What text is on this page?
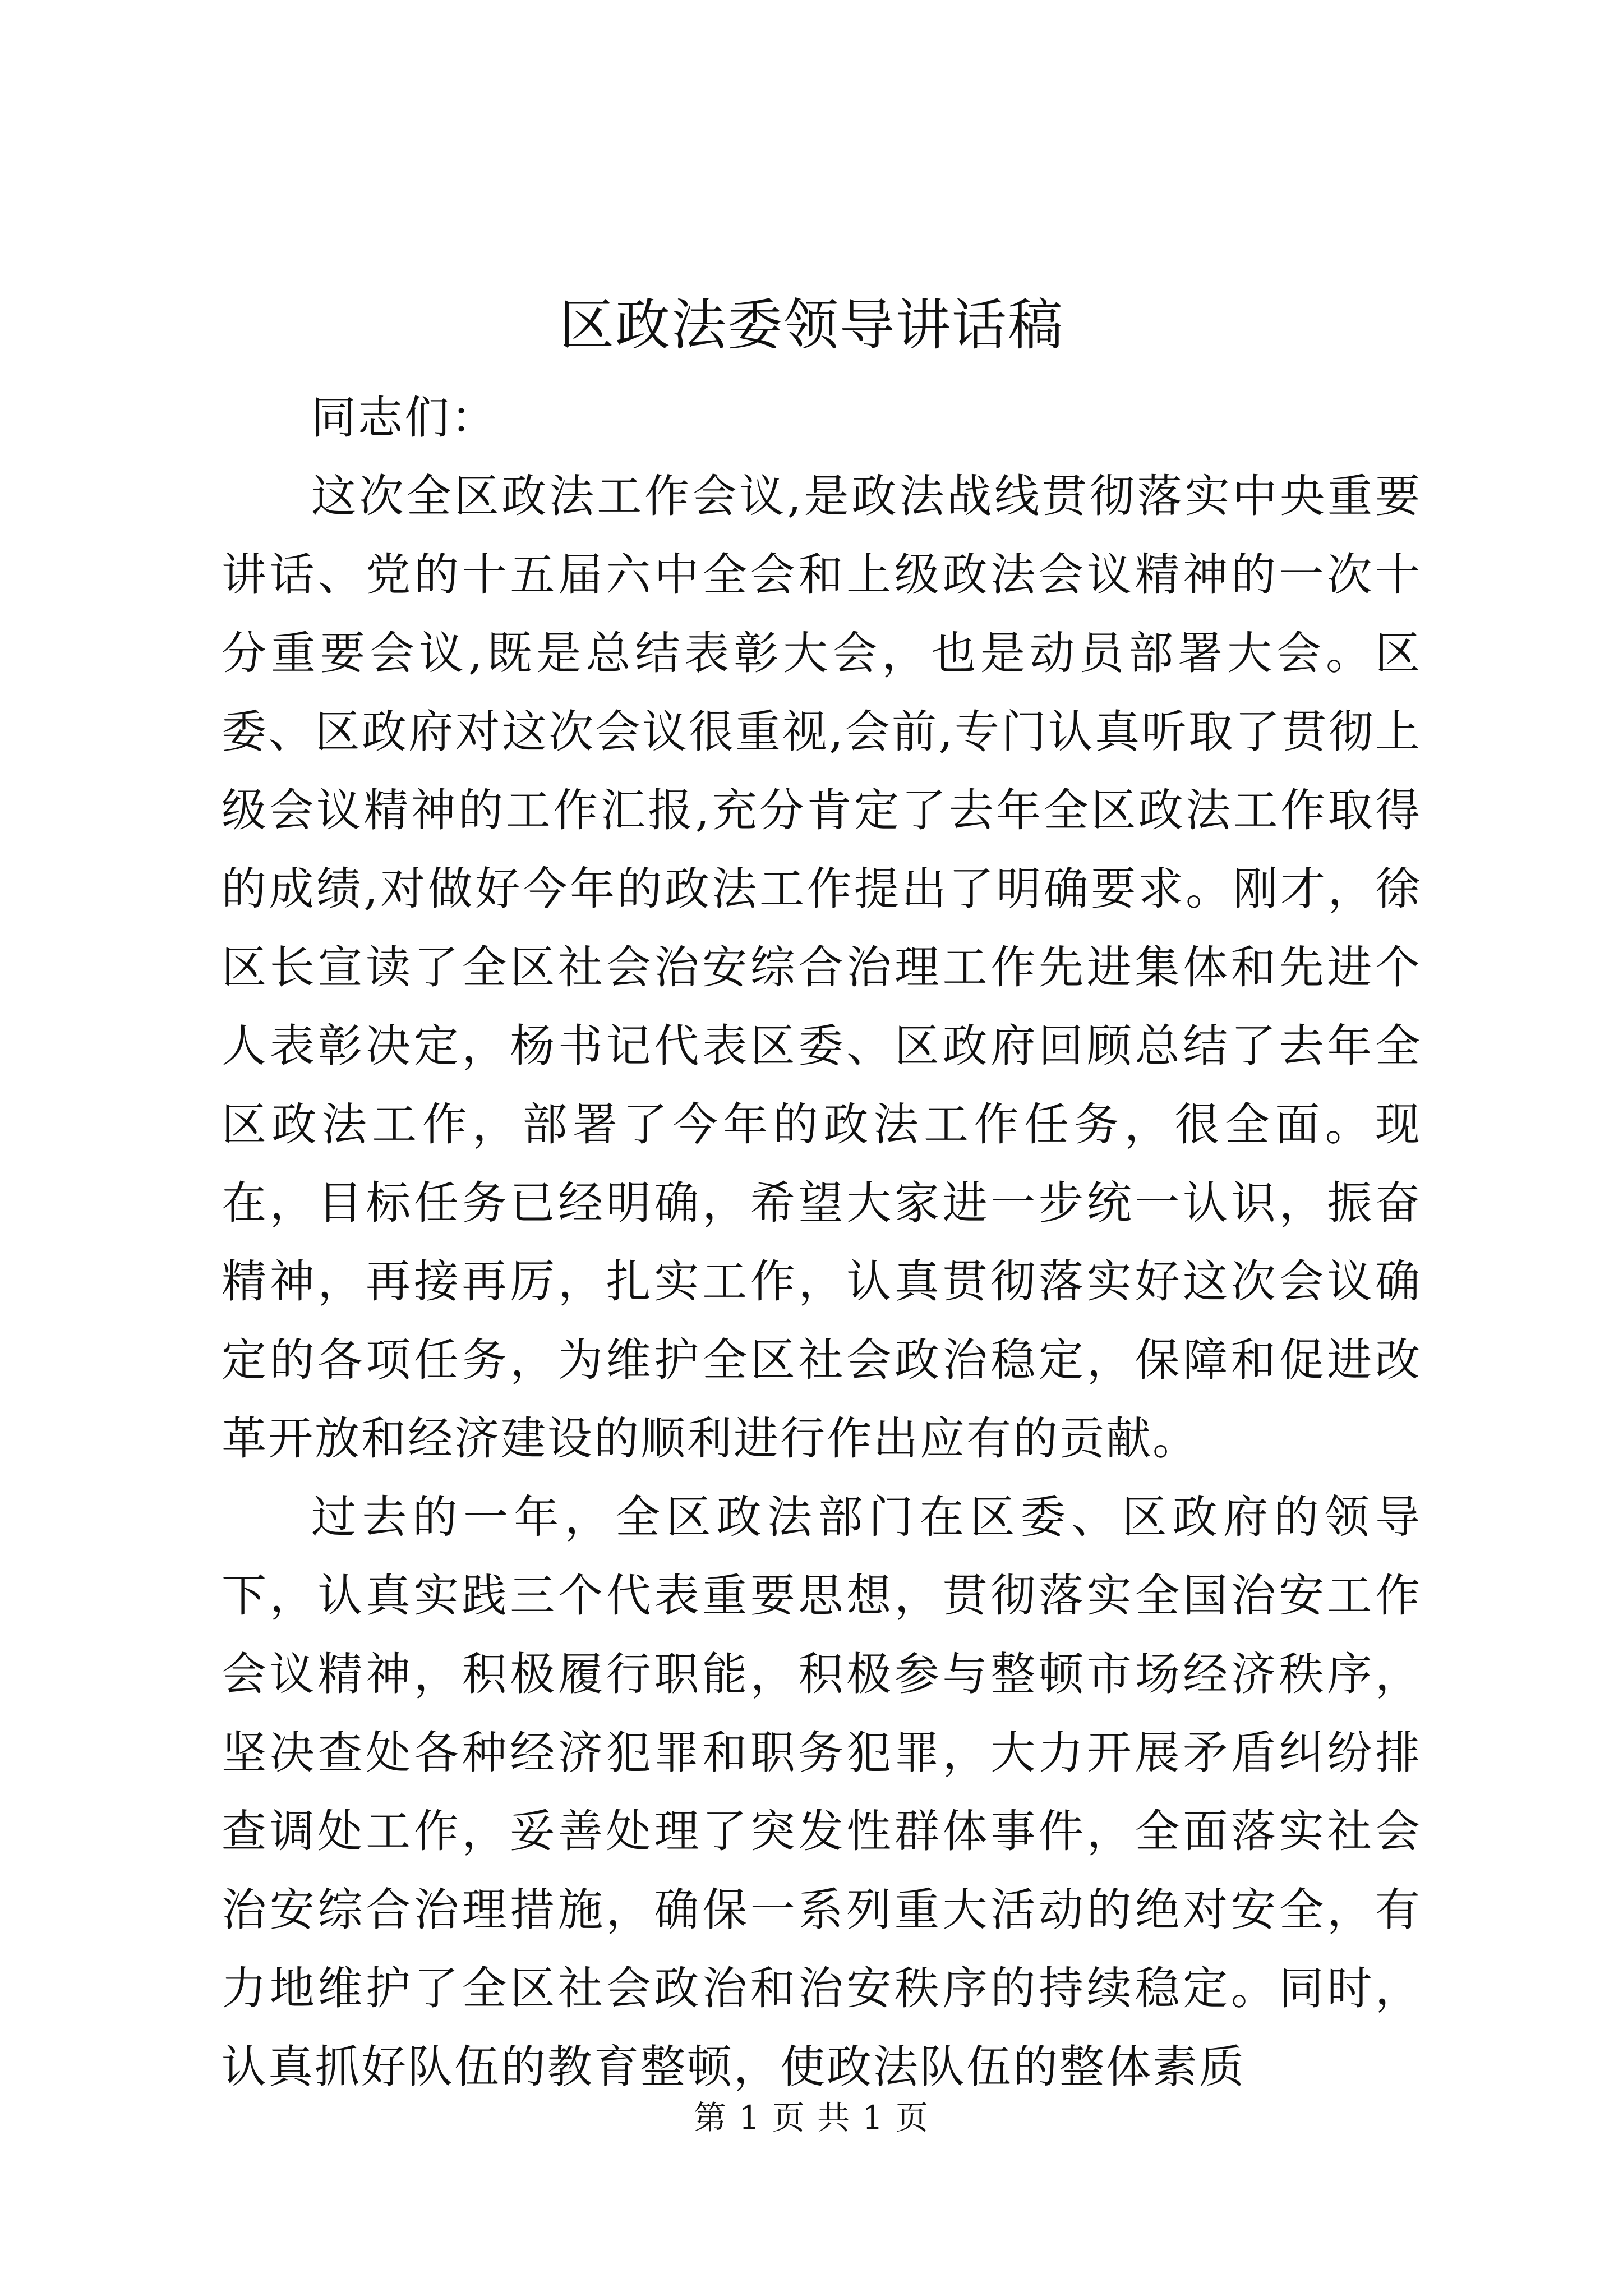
区政法委领导讲话稿

同志们：

这次全区政法工作会议,是政法战线贯彻落实中央重要讲话、党的十五届六中全会和上级政法会议精神的一次十分重要会议,既是总结表彰大会，也是动员部署大会。区委、区政府对这次会议很重视,会前,专门认真听取了贯彻上级会议精神的工作汇报,充分肯定了去年全区政法工作取得的成绩,对做好今年的政法工作提出了明确要求。刚才，徐区长宣读了全区社会治安综合治理工作先进集体和先进个人表彰决定，杨书记代表区委、区政府回顾总结了去年全区政法工作，部署了今年的政法工作任务，很全面。现在，目标任务已经明确，希望大家进一步统一认识，振奋精神，再接再厉，扎实工作，认真贯彻落实好这次会议确定的各项任务，为维护全区社会政治稳定，保障和促进改革开放和经济建设的顺利进行作出应有的贡献。

过去的一年，全区政法部门在区委、区政府的领导下，认真实践三个代表重要思想，贯彻落实全国治安工作会议精神，积极履行职能，积极参与整顿市场经济秩序，坚决查处各种经济犯罪和职务犯罪，大力开展矛盾纠纷排查调处工作，妥善处理了突发性群体事件，全面落实社会治安综合治理措施，确保一系列重大活动的绝对安全，有力地维护了全区社会政治和治安秩序的持续稳定。同时，认真抓好队伍的教育整顿，使政法队伍的整体素质

第 1 页 共 1 页
